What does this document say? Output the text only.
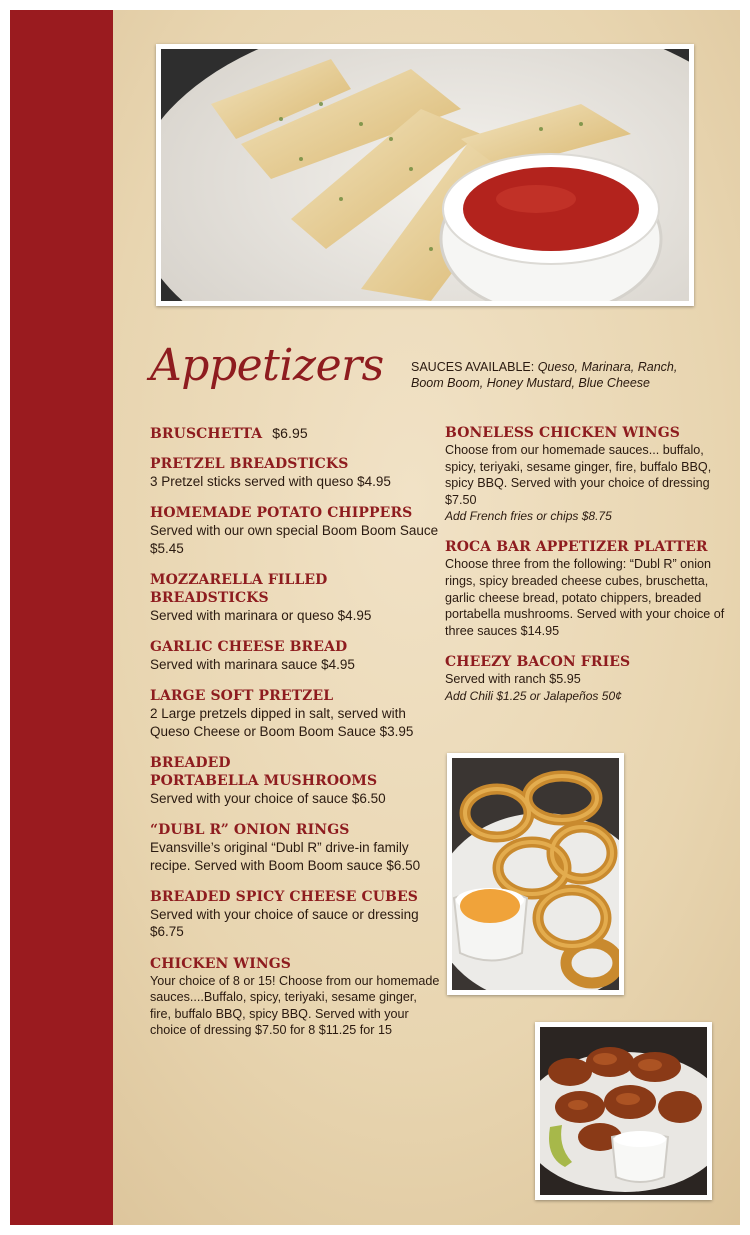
Appetizers SAUCES AVAILABLE: Queso, Marinara, Ranch,
Boom Boom, Honey Mustard, Blue Cheese
BRUSCHETTA $6.95
PRETZEL BREADSTICKS
3 Pretzel sticks served with queso $4.95
HOMEMADE POTATO CHIPPERS
Served with our own special Boom Boom Sauce $5.45
MOZZARELLA FILLED
BREADSTICKS
Served with marinara or queso $4.95
GARLIC CHEESE BREAD
Served with marinara sauce $4.95
LARGE SOFT PRETZEL
2 Large pretzels dipped in salt, served with Queso Cheese or Boom Boom Sauce $3.95
BREADED
PORTABELLA MUSHROOMS
Served with your choice of sauce $6.50
“DUBL R” ONION RINGS
Evansville’s original “Dubl R” drive-in family recipe. Served with Boom Boom sauce $6.50
BREADED SPICY CHEESE CUBES
Served with your choice of sauce or dressing $6.75
CHICKEN WINGS
Your choice of 8 or 15! Choose from our homemade sauces....Buffalo, spicy, teriyaki, sesame ginger, fire, buffalo BBQ, spicy BBQ. Served with your choice of dressing $7.50 for 8 $11.25 for 15
BONELESS CHICKEN WINGS
Choose from our homemade sauces... buffalo, spicy, teriyaki, sesame ginger, fire, buffalo BBQ, spicy BBQ. Served with your choice of dressing $7.50
Add French fries or chips $8.75
ROCA BAR APPETIZER PLATTER
Choose three from the following: “Dubl R” onion rings, spicy breaded cheese cubes, bruschetta, garlic cheese bread, potato chippers, breaded portabella mushrooms. Served with your choice of three sauces $14.95
CHEEZY BACON FRIES
Served with ranch $5.95
Add Chili $1.25 or Jalapeños 50¢
